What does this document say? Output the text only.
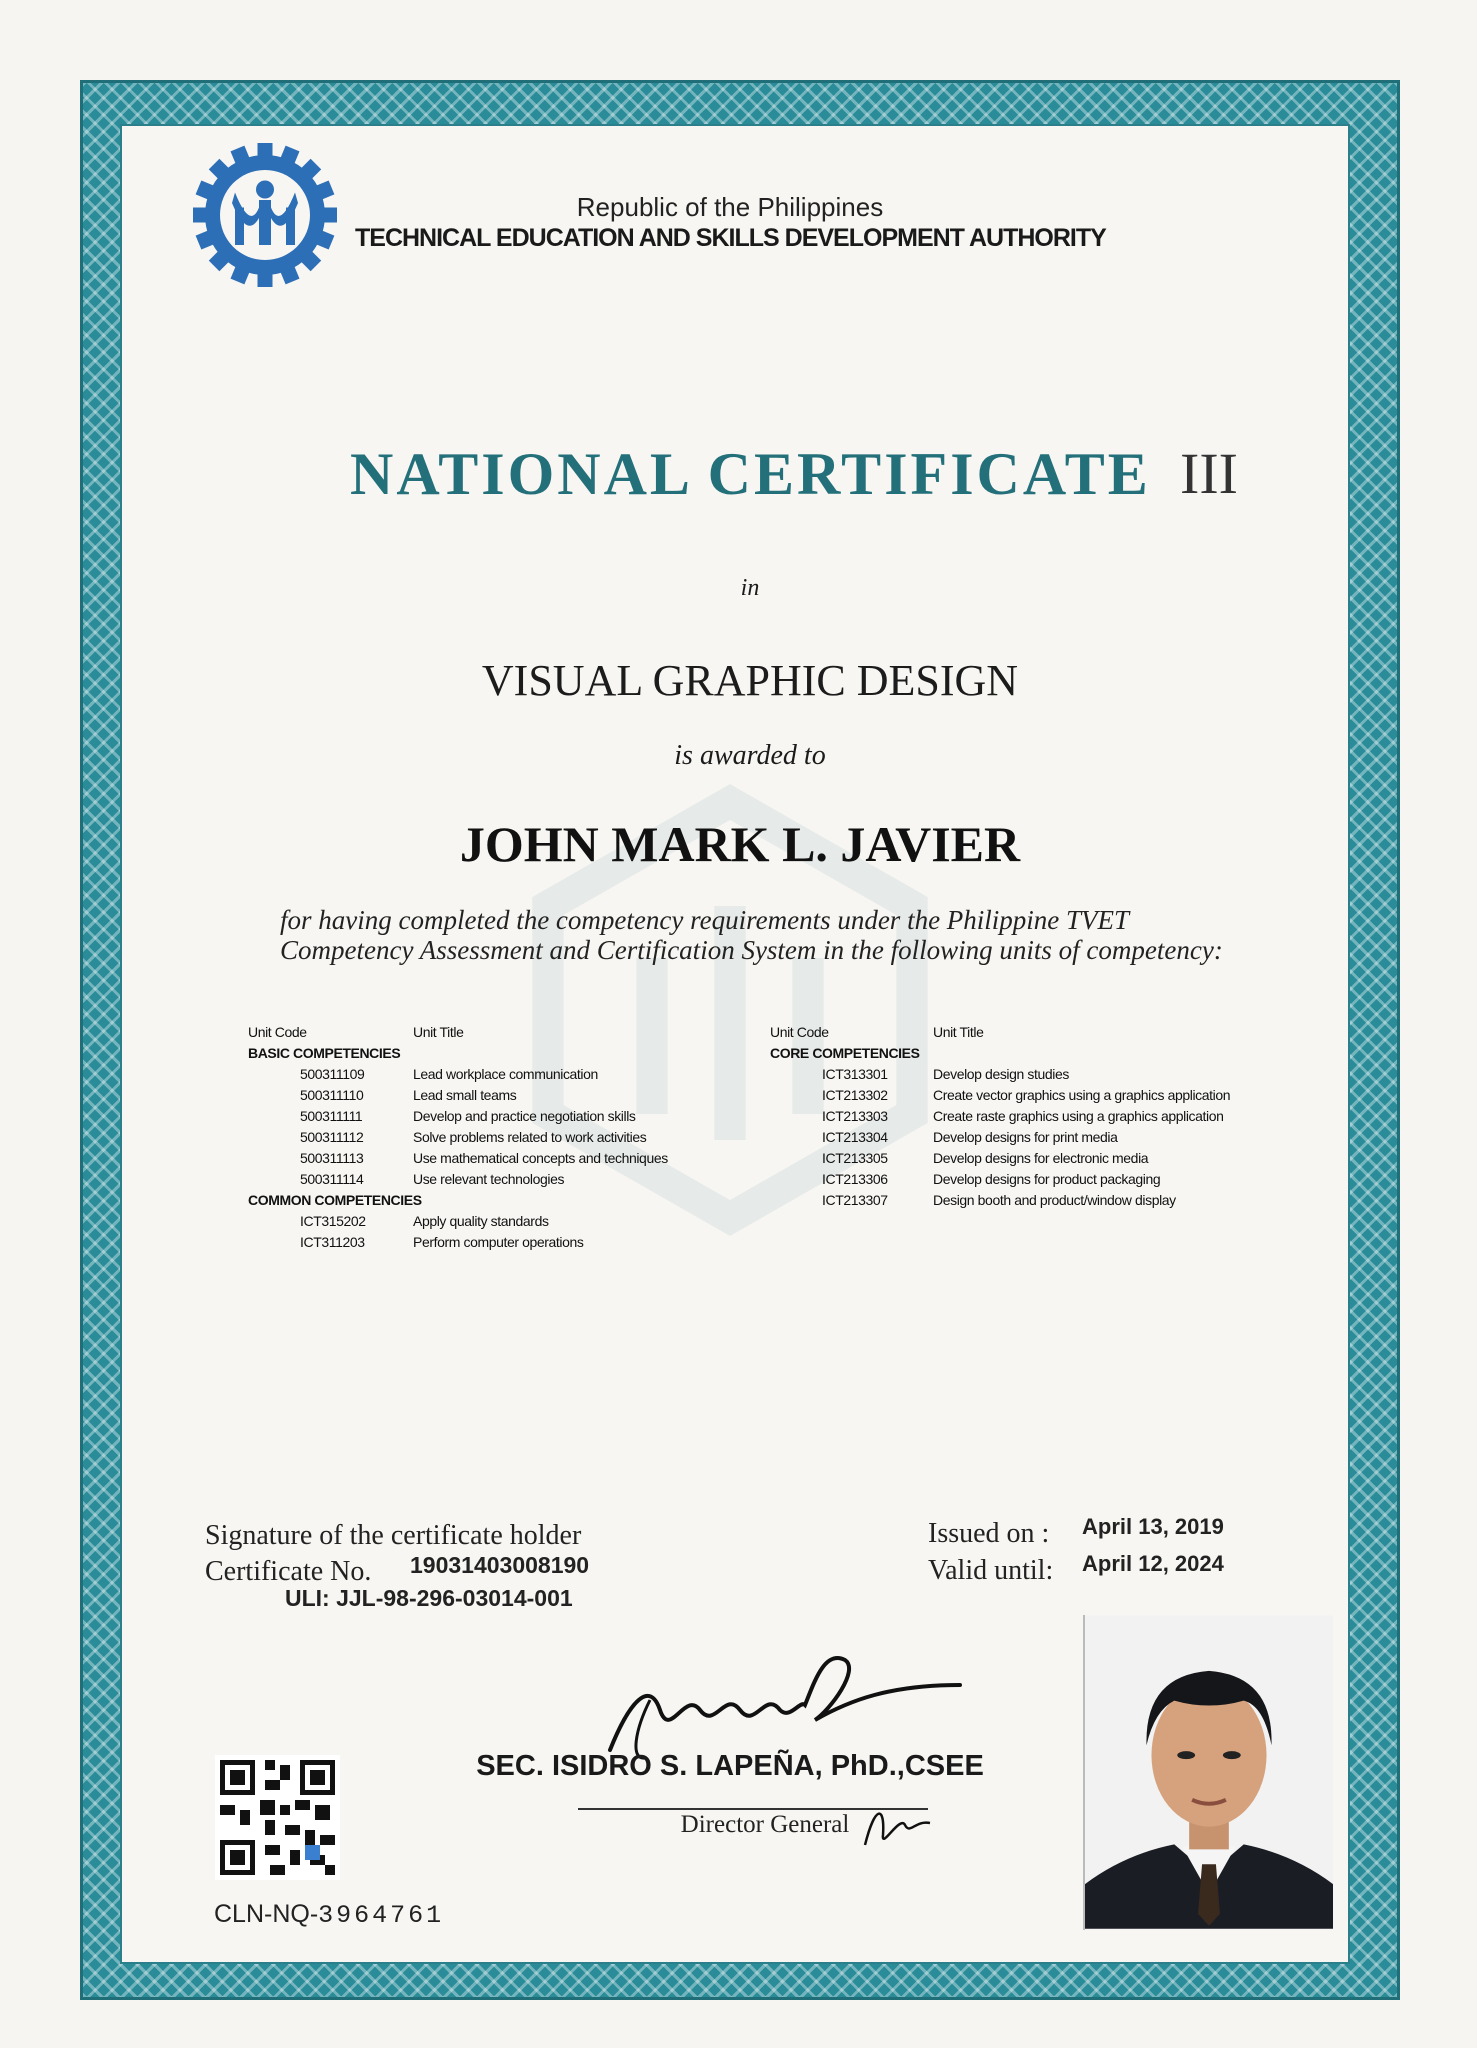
Republic of the Philippines
TECHNICAL EDUCATION AND SKILLS DEVELOPMENT AUTHORITY
NATIONAL CERTIFICATE III
in
VISUAL GRAPHIC DESIGN
is awarded to
JOHN MARK L. JAVIER
for having completed the competency requirements under the Philippine TVET Competency Assessment and Certification System in the following units of competency:
Unit Code	Unit Title
BASIC COMPETENCIES
500311109	Lead workplace communication
500311110	Lead small teams
500311111	Develop and practice negotiation skills
500311112	Solve problems related to work activities
500311113	Use mathematical concepts and techniques
500311114	Use relevant technologies
COMMON COMPETENCIES
ICT315202	Apply quality standards
ICT311203	Perform computer operations
Unit Code	Unit Title
CORE COMPETENCIES
ICT313301	Develop design studies
ICT213302	Create vector graphics using a graphics application
ICT213303	Create raste graphics using a graphics application
ICT213304	Develop designs for print media
ICT213305	Develop designs for electronic media
ICT213306	Develop designs for product packaging
ICT213307	Design booth and product/window display
Signature of the certificate holder
Certificate No. 19031403008190
ULI: JJL-98-296-03014-001
Issued on : April 13, 2019
Valid until: April 12, 2024
SEC. ISIDRO S. LAPEÑA, PhD.,CSEE
Director General
CLN-NQ-3964761
